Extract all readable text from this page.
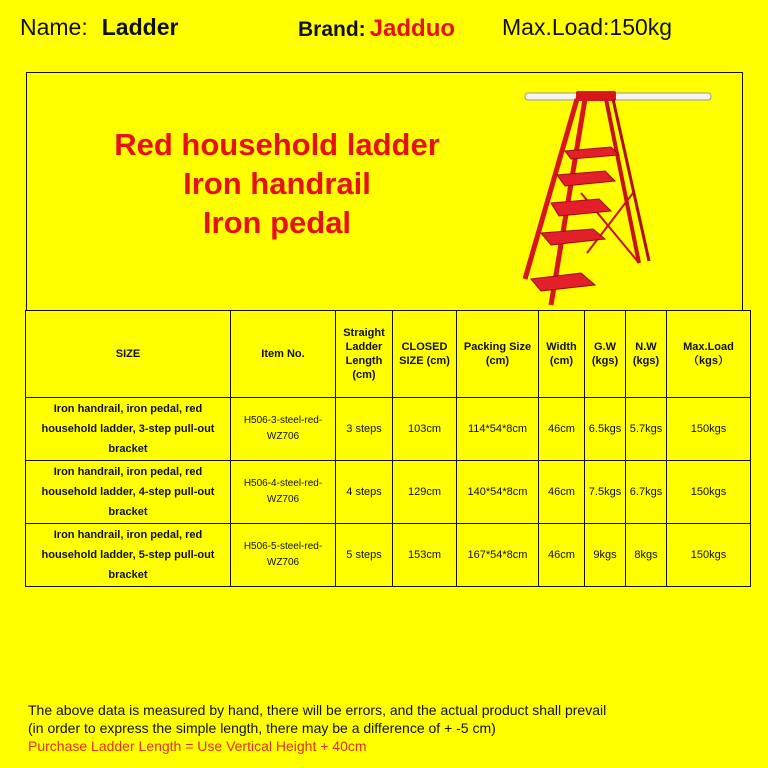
Name: Ladder	Brand: Jadduo Max.Load:150kg
Red household ladder
Iron handrail
Iron pedal
SIZE	Item No.	Straight Ladder Length (cm)	CLOSED SIZE (cm)	Packing Size (cm)	Width (cm)	G.W (kgs)	N.W (kgs)	Max.Load （kgs）
Iron handrail, iron pedal, red household ladder, 3-step pull-out bracket	H506-3-steel-red-WZ706	3 steps	103cm	114*54*8cm	46cm	6.5kgs	5.7kgs	150kgs
Iron handrail, iron pedal, red household ladder, 4-step pull-out bracket	H506-4-steel-red-WZ706	4 steps	129cm	140*54*8cm	46cm	7.5kgs	6.7kgs	150kgs
Iron handrail, iron pedal, red household ladder, 5-step pull-out bracket	H506-5-steel-red-WZ706	5 steps	153cm	167*54*8cm	46cm	9kgs	8kgs	150kgs
The above data is measured by hand, there will be errors, and the actual product shall prevail
(in order to express the simple length, there may be a difference of + -5 cm)
Purchase Ladder Length = Use Vertical Height + 40cm
